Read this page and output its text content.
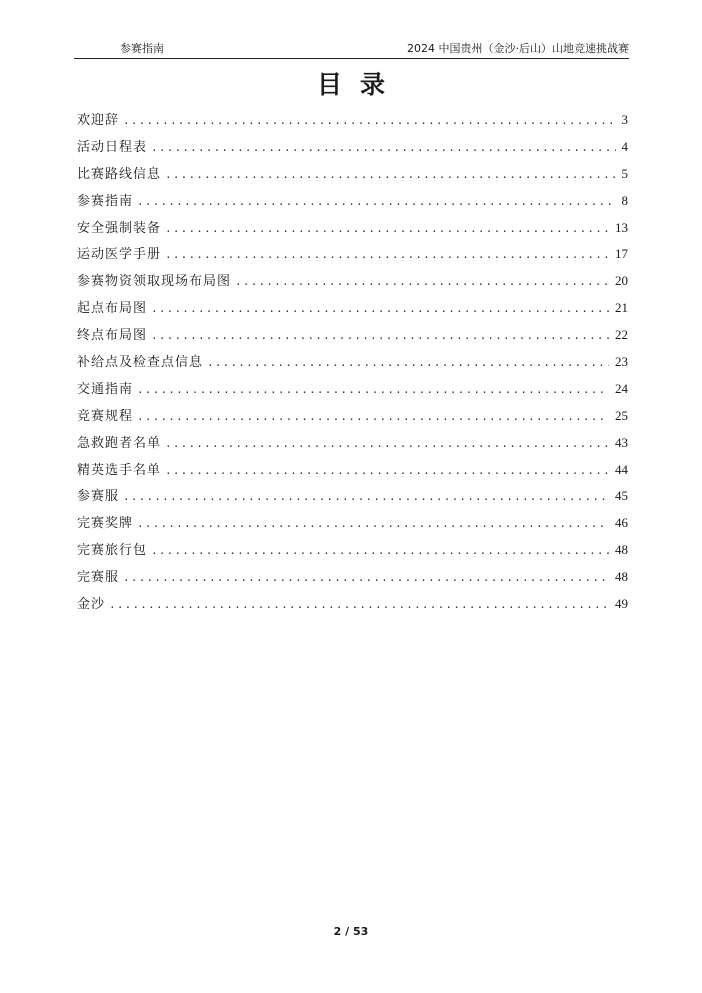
参赛指南	2024 中国贵州（金沙·后山）山地竞速挑战赛
目录
欢迎辞 .....	3
活动日程表 .....	4
比赛路线信息 .....	5
参赛指南 .....	8
安全强制装备 .....	13
运动医学手册 .....	17
参赛物资领取现场布局图 .....	20
起点布局图 .....	21
终点布局图 .....	22
补给点及检查点信息 .....	23
交通指南 .....	24
竞赛规程 .....	25
急救跑者名单 .....	43
精英选手名单 .....	44
参赛服 .....	45
完赛奖牌 .....	46
完赛旅行包 .....	48
完赛服 .....	48
金沙 .....	49
2 / 53
